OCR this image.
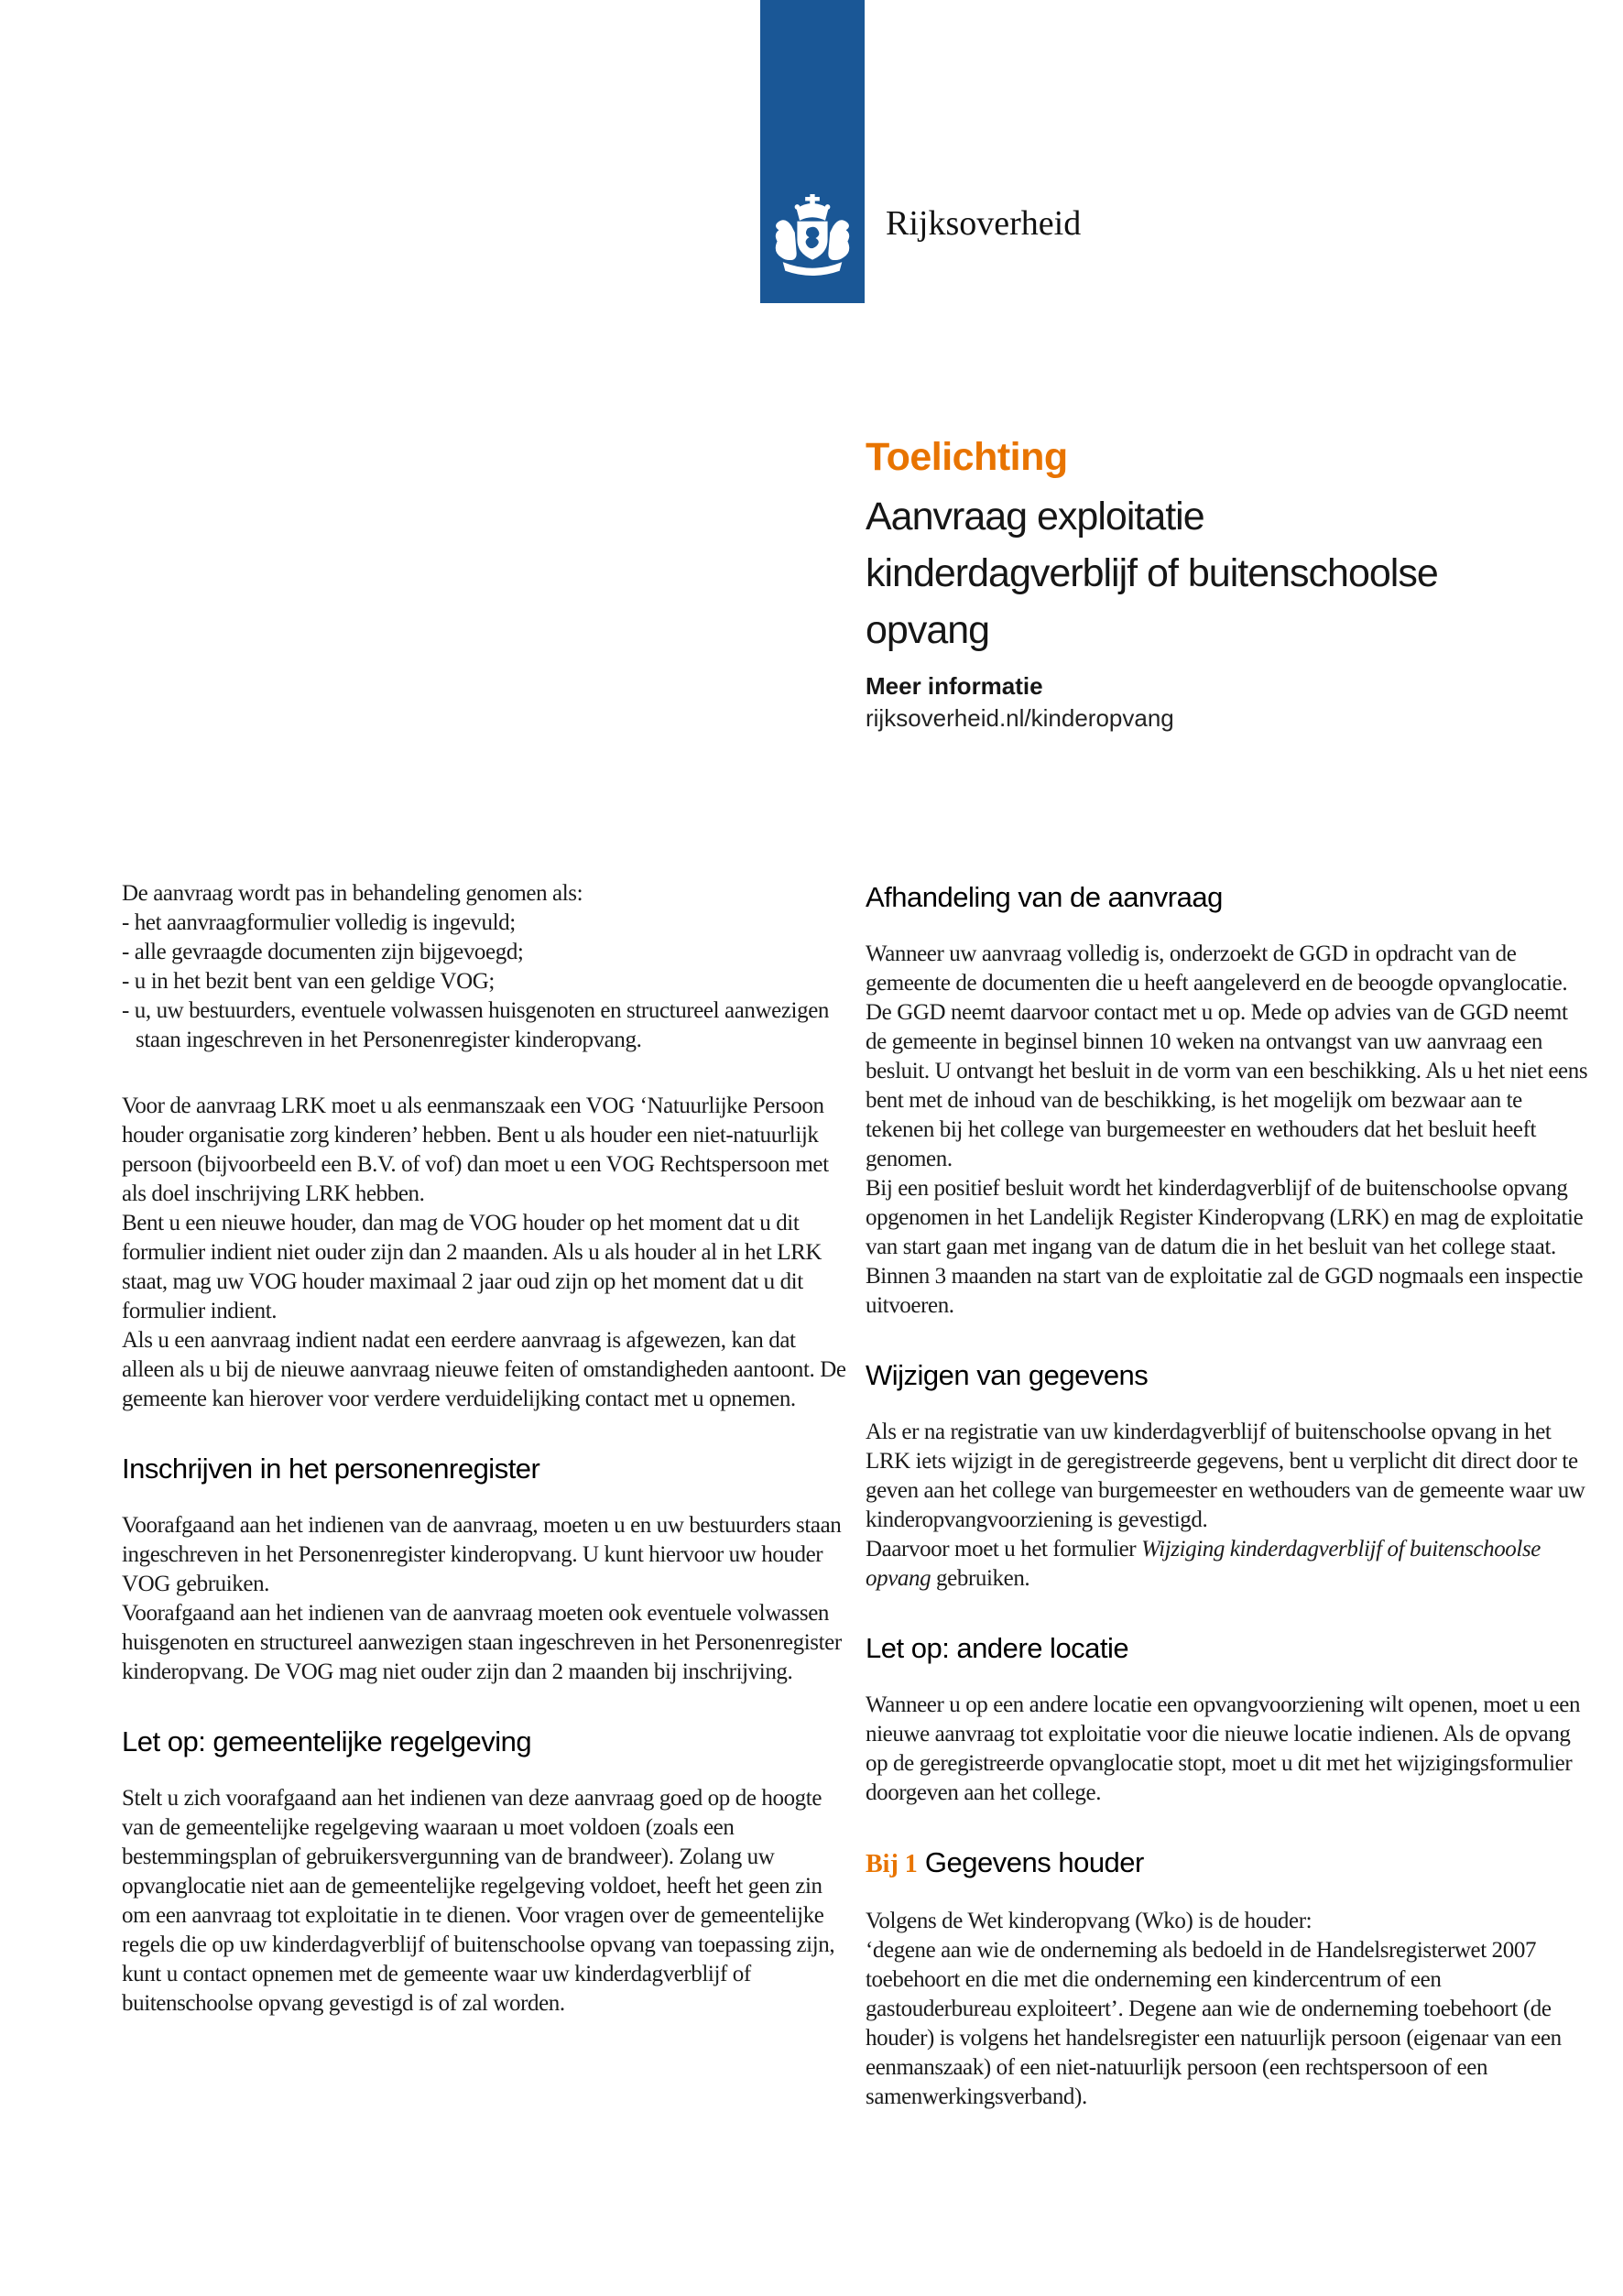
Rijksoverheid
Toelichting
Aanvraag exploitatie
kinderdagverblijf of buitenschoolse
opvang
Meer informatie
rijksoverheid.nl/kinderopvang

De aanvraag wordt pas in behandeling genomen als:
- het aanvraagformulier volledig is ingevuld;
- alle gevraagde documenten zijn bijgevoegd;
- u in het bezit bent van een geldige VOG;
- u, uw bestuurders, eventuele volwassen huisgenoten en structureel aanwezigen staan ingeschreven in het Personenregister kinderopvang.

Voor de aanvraag LRK moet u als eenmanszaak een VOG ‘Natuurlijke Persoon houder organisatie zorg kinderen’ hebben. Bent u als houder een niet-natuurlijk persoon (bijvoorbeeld een B.V. of vof) dan moet u een VOG Rechtspersoon met als doel inschrijving LRK hebben.
Bent u een nieuwe houder, dan mag de VOG houder op het moment dat u dit formulier indient niet ouder zijn dan 2 maanden. Als u als houder al in het LRK staat, mag uw VOG houder maximaal 2 jaar oud zijn op het moment dat u dit formulier indient.
Als u een aanvraag indient nadat een eerdere aanvraag is afgewezen, kan dat alleen als u bij de nieuwe aanvraag nieuwe feiten of omstandigheden aantoont. De gemeente kan hierover voor verdere verduidelijking contact met u opnemen.

Inschrijven in het personenregister

Voorafgaand aan het indienen van de aanvraag, moeten u en uw bestuurders staan ingeschreven in het Personenregister kinderopvang. U kunt hiervoor uw houder VOG gebruiken.
Voorafgaand aan het indienen van de aanvraag moeten ook eventuele volwassen huisgenoten en structureel aanwezigen staan ingeschreven in het Personenregister kinderopvang. De VOG mag niet ouder zijn dan 2 maanden bij inschrijving.

Let op: gemeentelijke regelgeving

Stelt u zich voorafgaand aan het indienen van deze aanvraag goed op de hoogte van de gemeentelijke regelgeving waaraan u moet voldoen (zoals een bestemmingsplan of gebruikersvergunning van de brandweer). Zolang uw opvanglocatie niet aan de gemeentelijke regelgeving voldoet, heeft het geen zin om een aanvraag tot exploitatie in te dienen. Voor vragen over de gemeentelijke regels die op uw kinderdagverblijf of buitenschoolse opvang van toepassing zijn, kunt u contact opnemen met de gemeente waar uw kinderdagverblijf of buitenschoolse opvang gevestigd is of zal worden.

Afhandeling van de aanvraag

Wanneer uw aanvraag volledig is, onderzoekt de GGD in opdracht van de gemeente de documenten die u heeft aangeleverd en de beoogde opvanglocatie. De GGD neemt daarvoor contact met u op. Mede op advies van de GGD neemt de gemeente in beginsel binnen 10 weken na ontvangst van uw aanvraag een besluit. U ontvangt het besluit in de vorm van een beschikking. Als u het niet eens bent met de inhoud van de beschikking, is het mogelijk om bezwaar aan te tekenen bij het college van burgemeester en wethouders dat het besluit heeft genomen.
Bij een positief besluit wordt het kinderdagverblijf of de buitenschoolse opvang opgenomen in het Landelijk Register Kinderopvang (LRK) en mag de exploitatie van start gaan met ingang van de datum die in het besluit van het college staat. Binnen 3 maanden na start van de exploitatie zal de GGD nogmaals een inspectie uitvoeren.

Wijzigen van gegevens

Als er na registratie van uw kinderdagverblijf of buitenschoolse opvang in het LRK iets wijzigt in de geregistreerde gegevens, bent u verplicht dit direct door te geven aan het college van burgemeester en wethouders van de gemeente waar uw kinderopvangvoorziening is gevestigd.
Daarvoor moet u het formulier Wijziging kinderdagverblijf of buitenschoolse opvang gebruiken.

Let op: andere locatie

Wanneer u op een andere locatie een opvangvoorziening wilt openen, moet u een nieuwe aanvraag tot exploitatie voor die nieuwe locatie indienen. Als de opvang op de geregistreerde opvanglocatie stopt, moet u dit met het wijzigingsformulier doorgeven aan het college.

Bij 1 Gegevens houder

Volgens de Wet kinderopvang (Wko) is de houder:
‘degene aan wie de onderneming als bedoeld in de Handelsregisterwet 2007 toebehoort en die met die onderneming een kindercentrum of een gastouderbureau exploiteert’. Degene aan wie de onderneming toebehoort (de houder) is volgens het handelsregister een natuurlijk persoon (eigenaar van een eenmanszaak) of een niet-natuurlijk persoon (een rechtspersoon of een samenwerkingsverband).
